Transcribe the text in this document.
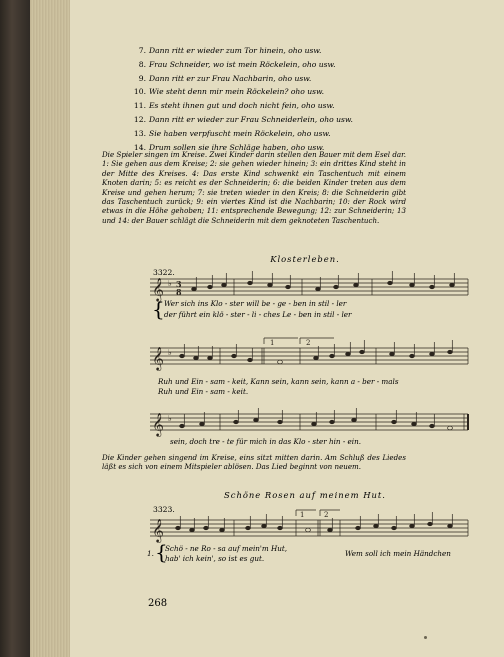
7. Dann ritt er wieder zum Tor hinein, oho usw.
8. Frau Schneider, wo ist mein Röckelein, oho usw.
9. Dann ritt er zur Frau Nachbarin, oho usw.
10. Wie steht denn mir mein Röckelein? oho usw.
11. Es steht ihnen gut und doch nicht fein, oho usw.
12. Dann ritt er wieder zur Frau Schneiderlein, oho usw.
13. Sie haben verpfuscht mein Röckelein, oho usw.
14. Drum sollen sie ihre Schläge haben, oho usw.
Die Spieler singen im Kreise. Zwei Kinder darin stellen den Bauer mit dem Esel dar. 1: Sie gehen aus dem Kreise; 2: sie gehen wieder hinein; 3: ein drittes Kind steht in der Mitte des Kreises. 4: Das erste Kind schwenkt ein Taschentuch mit einem Knoten darin; 5: es reicht es der Schneiderin; 6: die beiden Kinder treten aus dem Kreise und gehen herum; 7: sie treten wieder in den Kreis; 8: die Schneiderin gibt das Taschentuch zurück; 9: ein viertes Kind ist die Nachbarin; 10: der Rock wird etwas in die Höhe gehoben; 11: entsprechende Bewegung; 12: zur Schneiderin; 13 und 14: der Bauer schlägt die Schneiderin mit dem geknoteten Taschentuch.
Klosterleben.
3322.
𝄞 ♭ 3
8
{ Wer sich ins Klo - ster will be - ge - ben in stil - ler
der führt ein klö - ster - li - ches Le - ben in stil - ler
1	2
𝄞 ♭
Ruh und Ein - sam - keit, Kann sein, kann sein, kann a - ber - mals
Ruh und Ein - sam - keit.
𝄞 ♭
sein, doch tre - te für mich in das Klo - ster hin - ein.
Die Kinder gehen singend im Kreise, eins sitzt mitten darin. Am Schluß des Liedes läßt es sich von einem Mitspieler ablösen. Das Lied beginnt von neuem.
Schöne Rosen auf meinem Hut.
3323.
1	2
𝄞
1. {
Schö - ne Ro - sa auf mein'm Hut,
hab' ich kein', so ist es gut.
Wem soll ich mein Händchen
268
